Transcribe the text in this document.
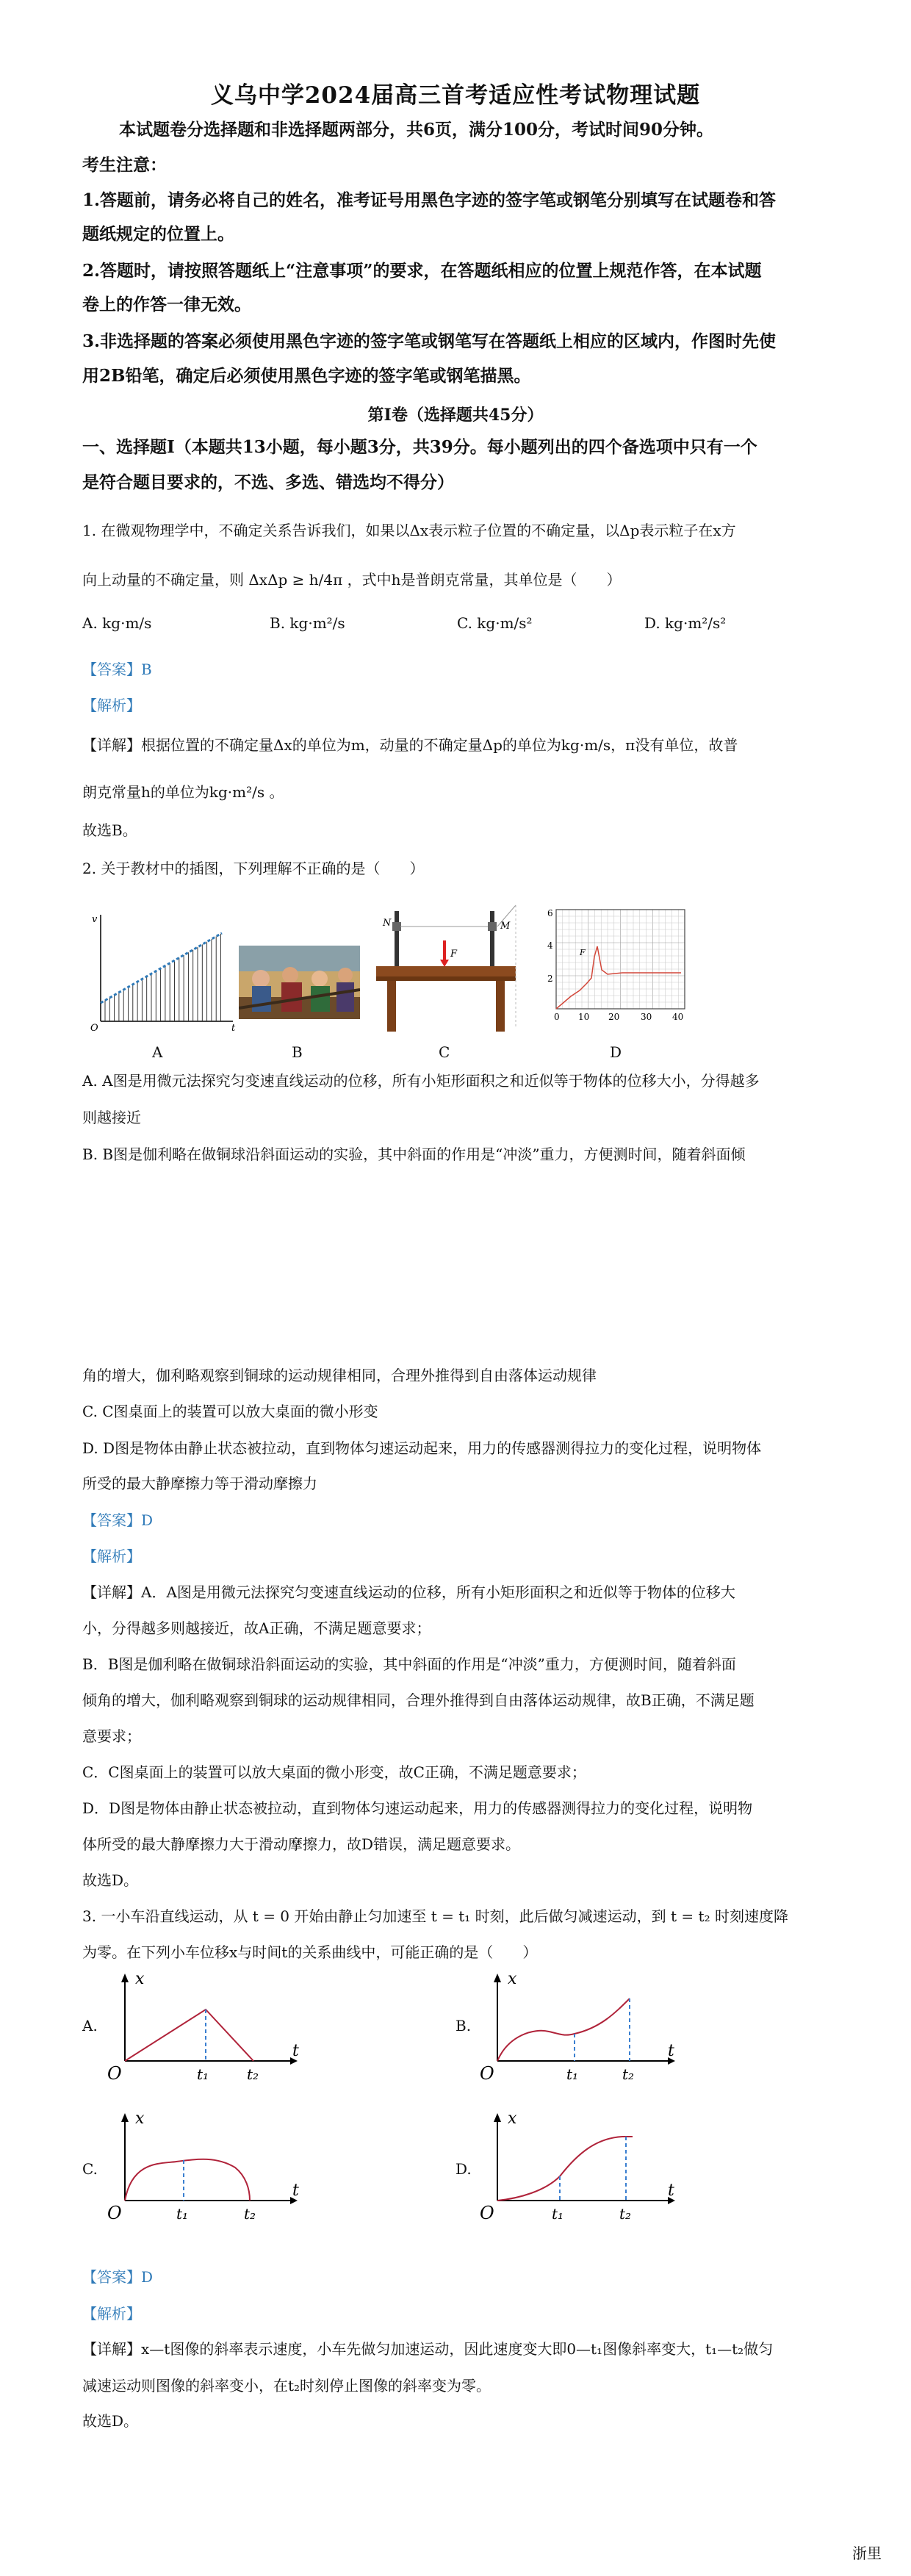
义乌中学2024届高三首考适应性考试物理试题
本试题卷分选择题和非选择题两部分，共6页，满分100分，考试时间90分钟。
考生注意：
1.答题前，请务必将自己的姓名，准考证号用黑色字迹的签字笔或钢笔分别填写在试题卷和答
题纸规定的位置上。
2.答题时，请按照答题纸上“注意事项”的要求，在答题纸相应的位置上规范作答，在本试题
卷上的作答一律无效。
3.非选择题的答案必须使用黑色字迹的签字笔或钢笔写在答题纸上相应的区域内，作图时先使
用2B铅笔，确定后必须使用黑色字迹的签字笔或钢笔描黑。
第Ⅰ卷（选择题共45分）
一、选择题Ⅰ（本题共13小题，每小题3分，共39分。每小题列出的四个备选项中只有一个
是符合题目要求的，不选、多选、错选均不得分）
1. 在微观物理学中，不确定关系告诉我们，如果以Δx表示粒子位置的不确定量，以Δp表示粒子在x方
向上动量的不确定量，则 ΔxΔp ≥ h/4π ，式中h是普朗克常量，其单位是（　　）
A. kg·m/s	B. kg·m²/s	C. kg·m/s²	D. kg·m²/s²
【答案】B
【解析】
【详解】根据位置的不确定量Δx的单位为m，动量的不确定量Δp的单位为kg·m/s，π没有单位，故普
朗克常量h的单位为kg·m²/s 。
故选B。
2. 关于教材中的插图，下列理解不正确的是（　　）
v
O	t
A	B
N	M
F
C
2
4
6
0 10 20 30 40
F
D
A. A图是用微元法探究匀变速直线运动的位移，所有小矩形面积之和近似等于物体的位移大小，分得越多
则越接近
B. B图是伽利略在做铜球沿斜面运动的实验，其中斜面的作用是“冲淡”重力，方便测时间，随着斜面倾
角的增大，伽利略观察到铜球的运动规律相同，合理外推得到自由落体运动规律
C. C图桌面上的装置可以放大桌面的微小形变
D. D图是物体由静止状态被拉动，直到物体匀速运动起来，用力的传感器测得拉力的变化过程，说明物体
所受的最大静摩擦力等于滑动摩擦力
【答案】D
【解析】
【详解】A．A图是用微元法探究匀变速直线运动的位移，所有小矩形面积之和近似等于物体的位移大
小，分得越多则越接近，故A正确，不满足题意要求；
B．B图是伽利略在做铜球沿斜面运动的实验，其中斜面的作用是“冲淡”重力，方便测时间，随着斜面
倾角的增大，伽利略观察到铜球的运动规律相同，合理外推得到自由落体运动规律，故B正确，不满足题
意要求；
C．C图桌面上的装置可以放大桌面的微小形变，故C正确，不满足题意要求；
D．D图是物体由静止状态被拉动，直到物体匀速运动起来，用力的传感器测得拉力的变化过程，说明物
体所受的最大静摩擦力大于滑动摩擦力，故D错误，满足题意要求。
故选D。
3. 一小车沿直线运动，从 t = 0 开始由静止匀加速至 t = t₁ 时刻，此后做匀减速运动，到 t = t₂ 时刻速度降
为零。在下列小车位移x与时间t的关系曲线中，可能正确的是（　　）
A.
x
t
O	t₁	t₂
B.
x
t
O	t₁	t₂
C.
x
t
O	t₁	t₂
D.
x
t
O	t₁	t₂
【答案】D
【解析】
【详解】x—t图像的斜率表示速度，小车先做匀加速运动，因此速度变大即0—t₁图像斜率变大，t₁—t₂做匀
减速运动则图像的斜率变小，在t₂时刻停止图像的斜率变为零。
故选D。
浙里
